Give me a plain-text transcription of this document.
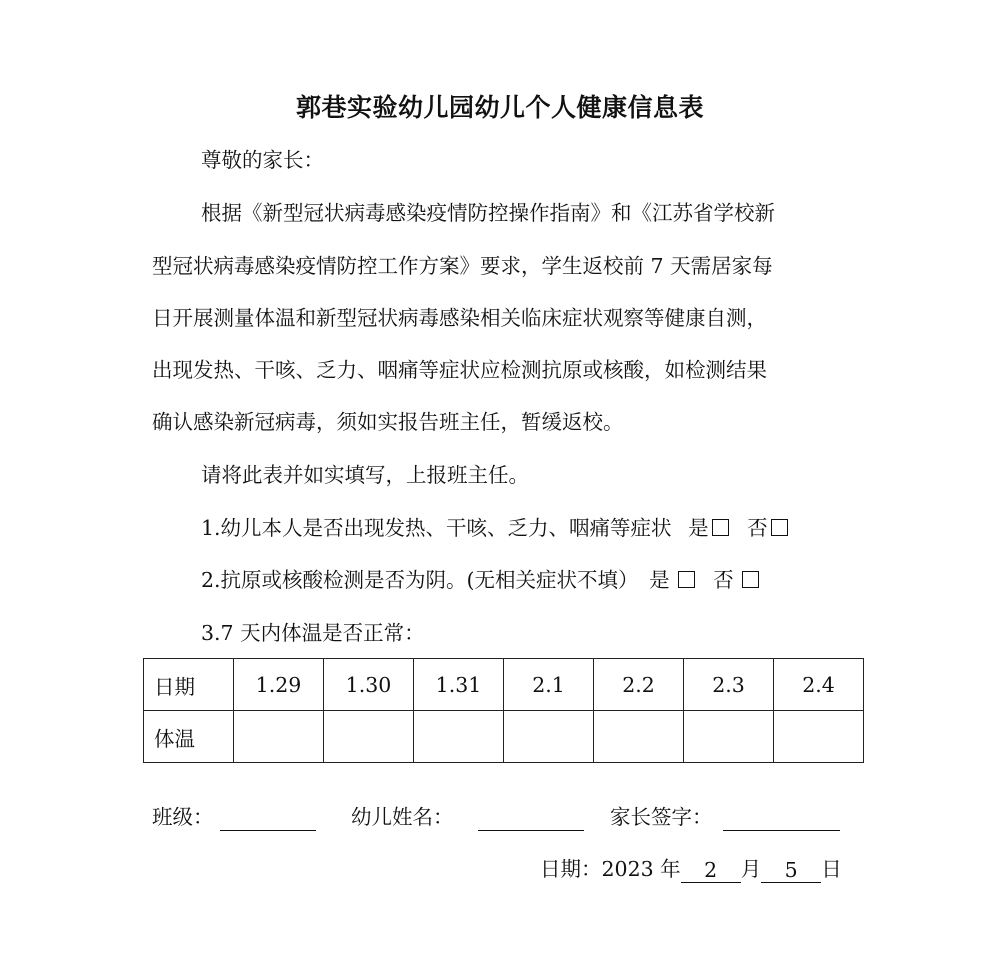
郭巷实验幼儿园幼儿个人健康信息表
尊敬的家长：
根据《新型冠状病毒感染疫情防控操作指南》和《江苏省学校新
型冠状病毒感染疫情防控工作方案》要求，学生返校前 7 天需居家每
日开展测量体温和新型冠状病毒感染相关临床症状观察等健康自测，
出现发热、干咳、乏力、咽痛等症状应检测抗原或核酸，如检测结果
确认感染新冠病毒，须如实报告班主任，暂缓返校。
请将此表并如实填写，上报班主任。
1.幼儿本人是否出现发热、干咳、乏力、咽痛等症状 是 否
2.抗原或核酸检测是否为阴。(无相关症状不填） 是 否
3.7 天内体温是否正常：
日期	1.29	1.30	1.31	2.1	2.2	2.3	2.4
体温							
班级：	幼儿姓名：	家长签字：
日期：2023 年 2 月 5 日
